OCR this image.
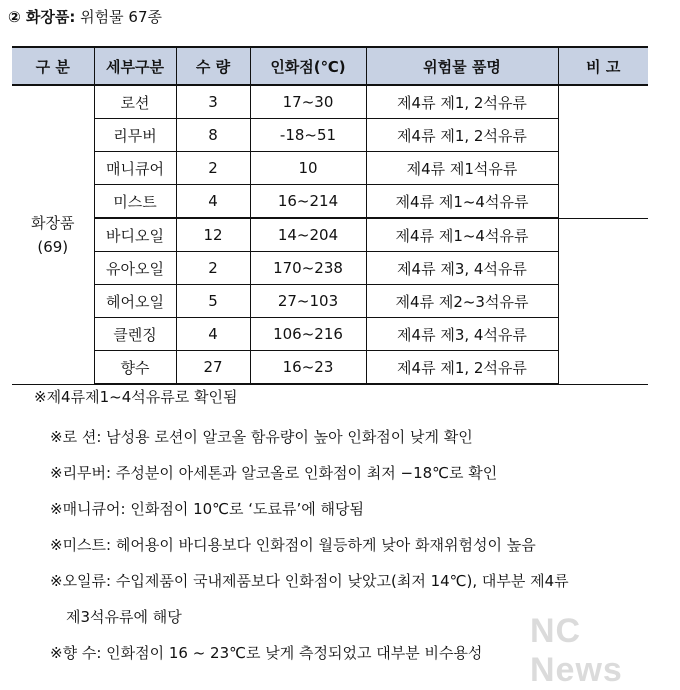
② 화장품: 위험물 67종
구 분	세부구분	수 량	인화점(℃)	위험물 품명	비 고

화장품
(69)	로션	3	17~30	제4류 제1, 2석유류	
	리무버	8	-18~51	제4류 제1, 2석유류	
	매니큐어	2	10	제4류 제1석유류	
	미스트	4	16~214	제4류 제1~4석유류	
	바디오일	12	14~204	제4류 제1~4석유류	
	유아오일	2	170~238	제4류 제3, 4석유류	
	헤어오일	5	27~103	제4류 제2~3석유류	
	클렌징	4	106~216	제4류 제3, 4석유류	
	향수	27	16~23	제4류 제1, 2석유류	
※제4류제1~4석유류로 확인됨
※로 션: 남성용 로션이 알코올 함유량이 높아 인화점이 낮게 확인
※리무버: 주성분이 아세톤과 알코올로 인화점이 최저 −18℃로 확인
※매니큐어: 인화점이 10℃로 ‘도료류’에 해당됨
※미스트: 헤어용이 바디용보다 인화점이 월등하게 낮아 화재위험성이 높음
※오일류: 수입제품이 국내제품보다 인화점이 낮았고(최저 14℃), 대부분 제4류
제3석유류에 해당
※향 수: 인화점이 16 ~ 23℃로 낮게 측정되었고 대부분 비수용성
NC News
